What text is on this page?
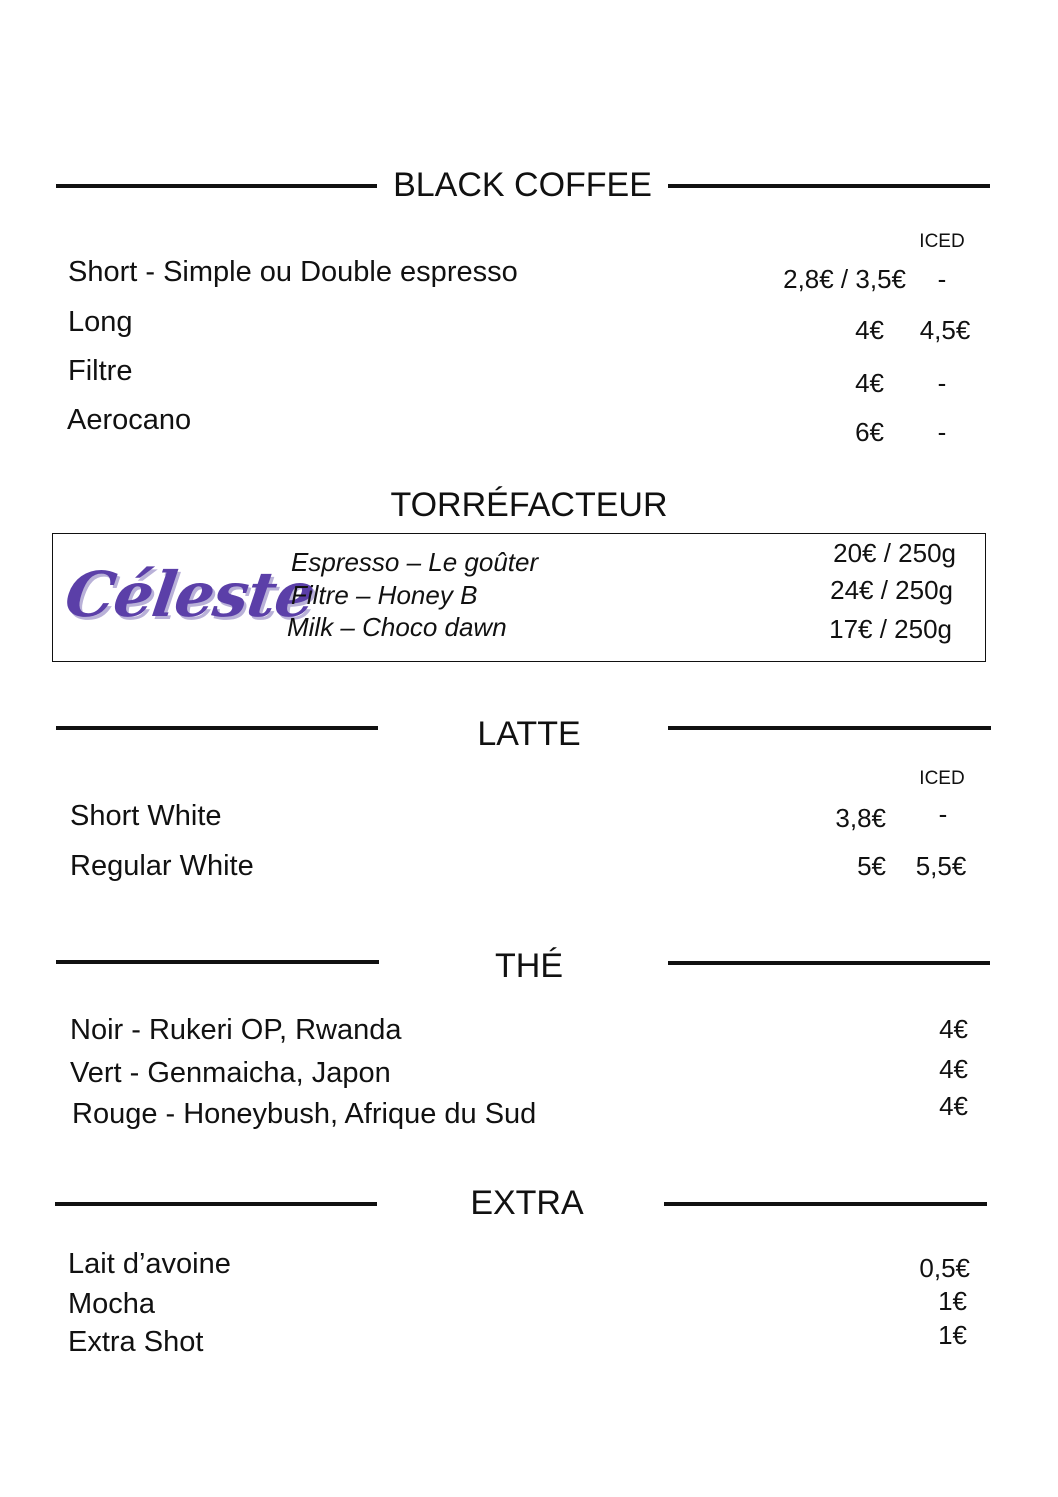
BLACK COFFEE
ICED
Short - Simple ou Double espresso	2,8€ / 3,5€	-
Long	4€	4,5€
Filtre	4€	-
Aerocano	6€	-
TORRÉFACTEUR
Céleste
Espresso – Le goûter	20€ / 250g
Filtre – Honey B	24€ / 250g
Milk – Choco dawn	17€ / 250g
LATTE
ICED
Short White	3,8€	-
Regular White	5€	5,5€
THÉ
Noir - Rukeri OP, Rwanda	4€
Vert - Genmaicha, Japon	4€
Rouge - Honeybush, Afrique du Sud	4€
EXTRA
Lait d’avoine	0,5€
Mocha	1€
Extra Shot	1€
